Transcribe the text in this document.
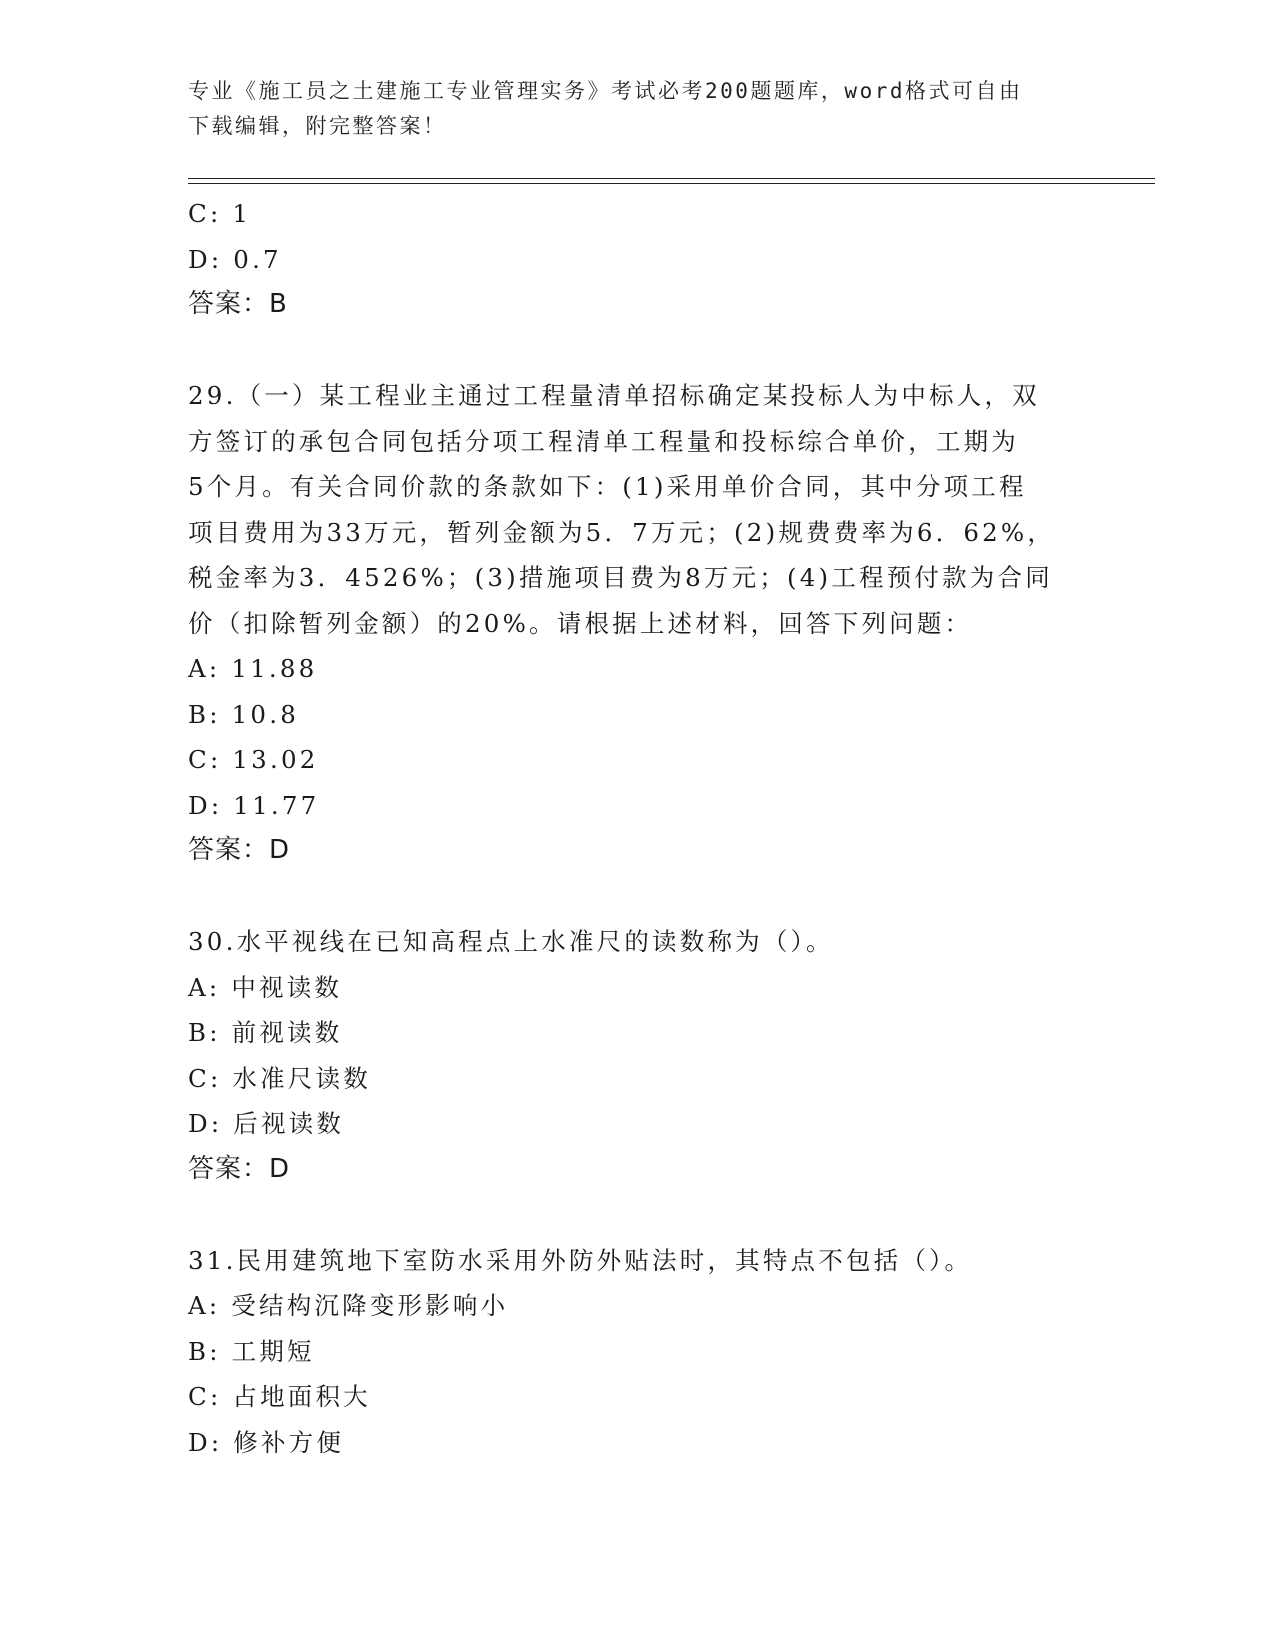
专业《施工员之土建施工专业管理实务》考试必考200题题库，word格式可自由
下载编辑，附完整答案！
C: 1
D: 0.7
答案：B
29.（一）某工程业主通过工程量清单招标确定某投标人为中标人，双
方签订的承包合同包括分项工程清单工程量和投标综合单价，工期为
5个月。有关合同价款的条款如下：(1)采用单价合同，其中分项工程
项目费用为33万元，暂列金额为5．7万元；(2)规费费率为6．62%，
税金率为3．4526%；(3)措施项目费为8万元；(4)工程预付款为合同
价（扣除暂列金额）的20%。请根据上述材料，回答下列问题：
A: 11.88
B: 10.8
C: 13.02
D: 11.77
答案：D
30.水平视线在已知高程点上水准尺的读数称为（）。
A: 中视读数
B: 前视读数
C: 水准尺读数
D: 后视读数
答案：D
31.民用建筑地下室防水采用外防外贴法时，其特点不包括（）。
A: 受结构沉降变形影响小
B: 工期短
C: 占地面积大
D: 修补方便
